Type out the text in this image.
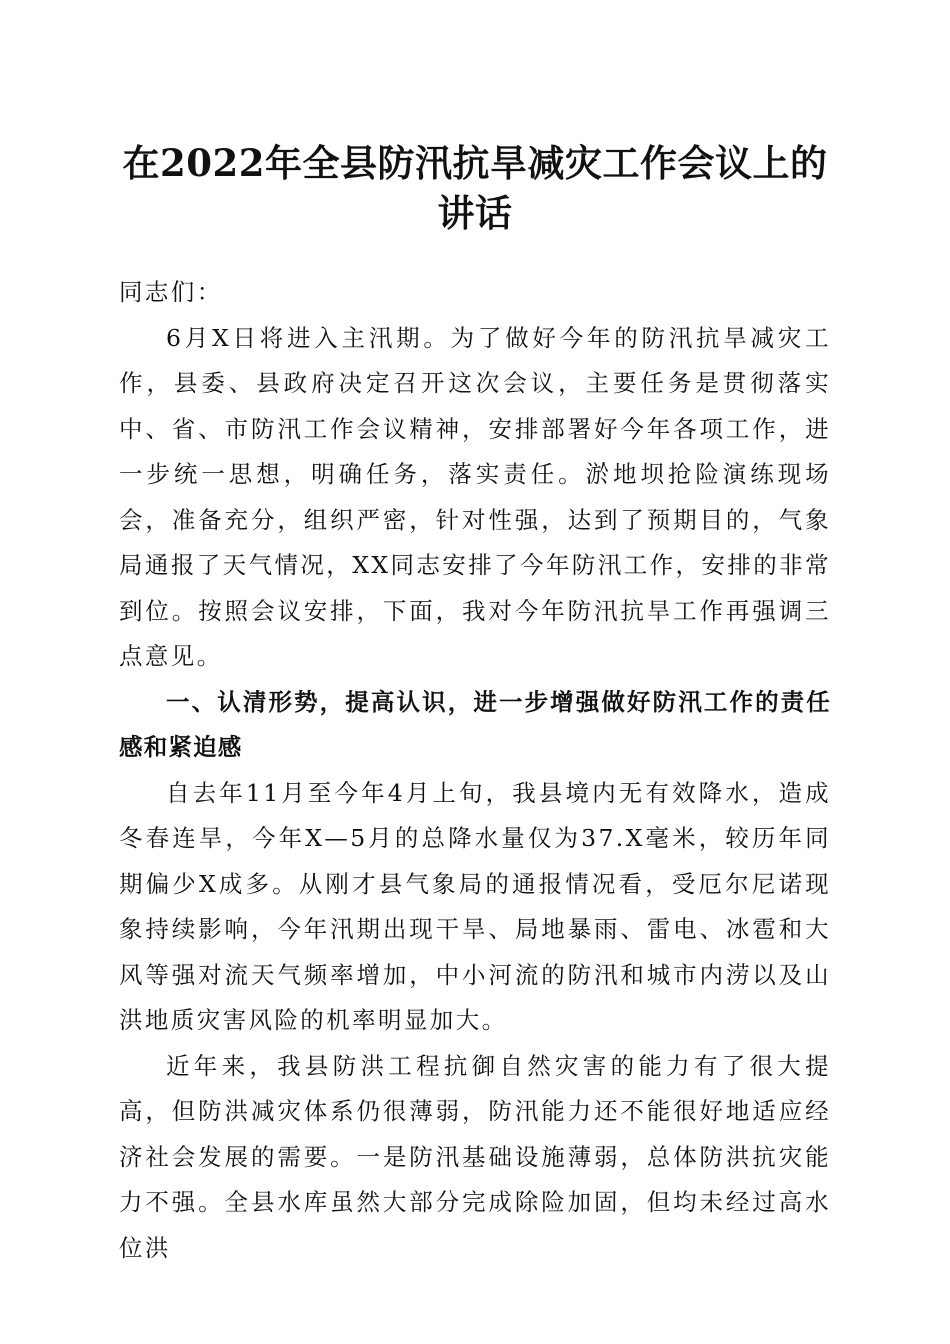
在2022年全县防汛抗旱减灾工作会议上的讲话

同志们：

6月X日将进入主汛期。为了做好今年的防汛抗旱减灾工作，县委、县政府决定召开这次会议，主要任务是贯彻落实中、省、市防汛工作会议精神，安排部署好今年各项工作，进一步统一思想，明确任务，落实责任。淤地坝抢险演练现场会，准备充分，组织严密，针对性强，达到了预期目的，气象局通报了天气情况，XX同志安排了今年防汛工作，安排的非常到位。按照会议安排，下面，我对今年防汛抗旱工作再强调三点意见。

一、认清形势，提高认识，进一步增强做好防汛工作的责任感和紧迫感

自去年11月至今年4月上旬，我县境内无有效降水，造成冬春连旱，今年X—5月的总降水量仅为37.X毫米，较历年同期偏少X成多。从刚才县气象局的通报情况看，受厄尔尼诺现象持续影响，今年汛期出现干旱、局地暴雨、雷电、冰雹和大风等强对流天气频率增加，中小河流的防汛和城市内涝以及山洪地质灾害风险的机率明显加大。

近年来，我县防洪工程抗御自然灾害的能力有了很大提高，但防洪减灾体系仍很薄弱，防汛能力还不能很好地适应经济社会发展的需要。一是防汛基础设施薄弱，总体防洪抗灾能力不强。全县水库虽然大部分完成除险加固，但均未经过高水位洪
